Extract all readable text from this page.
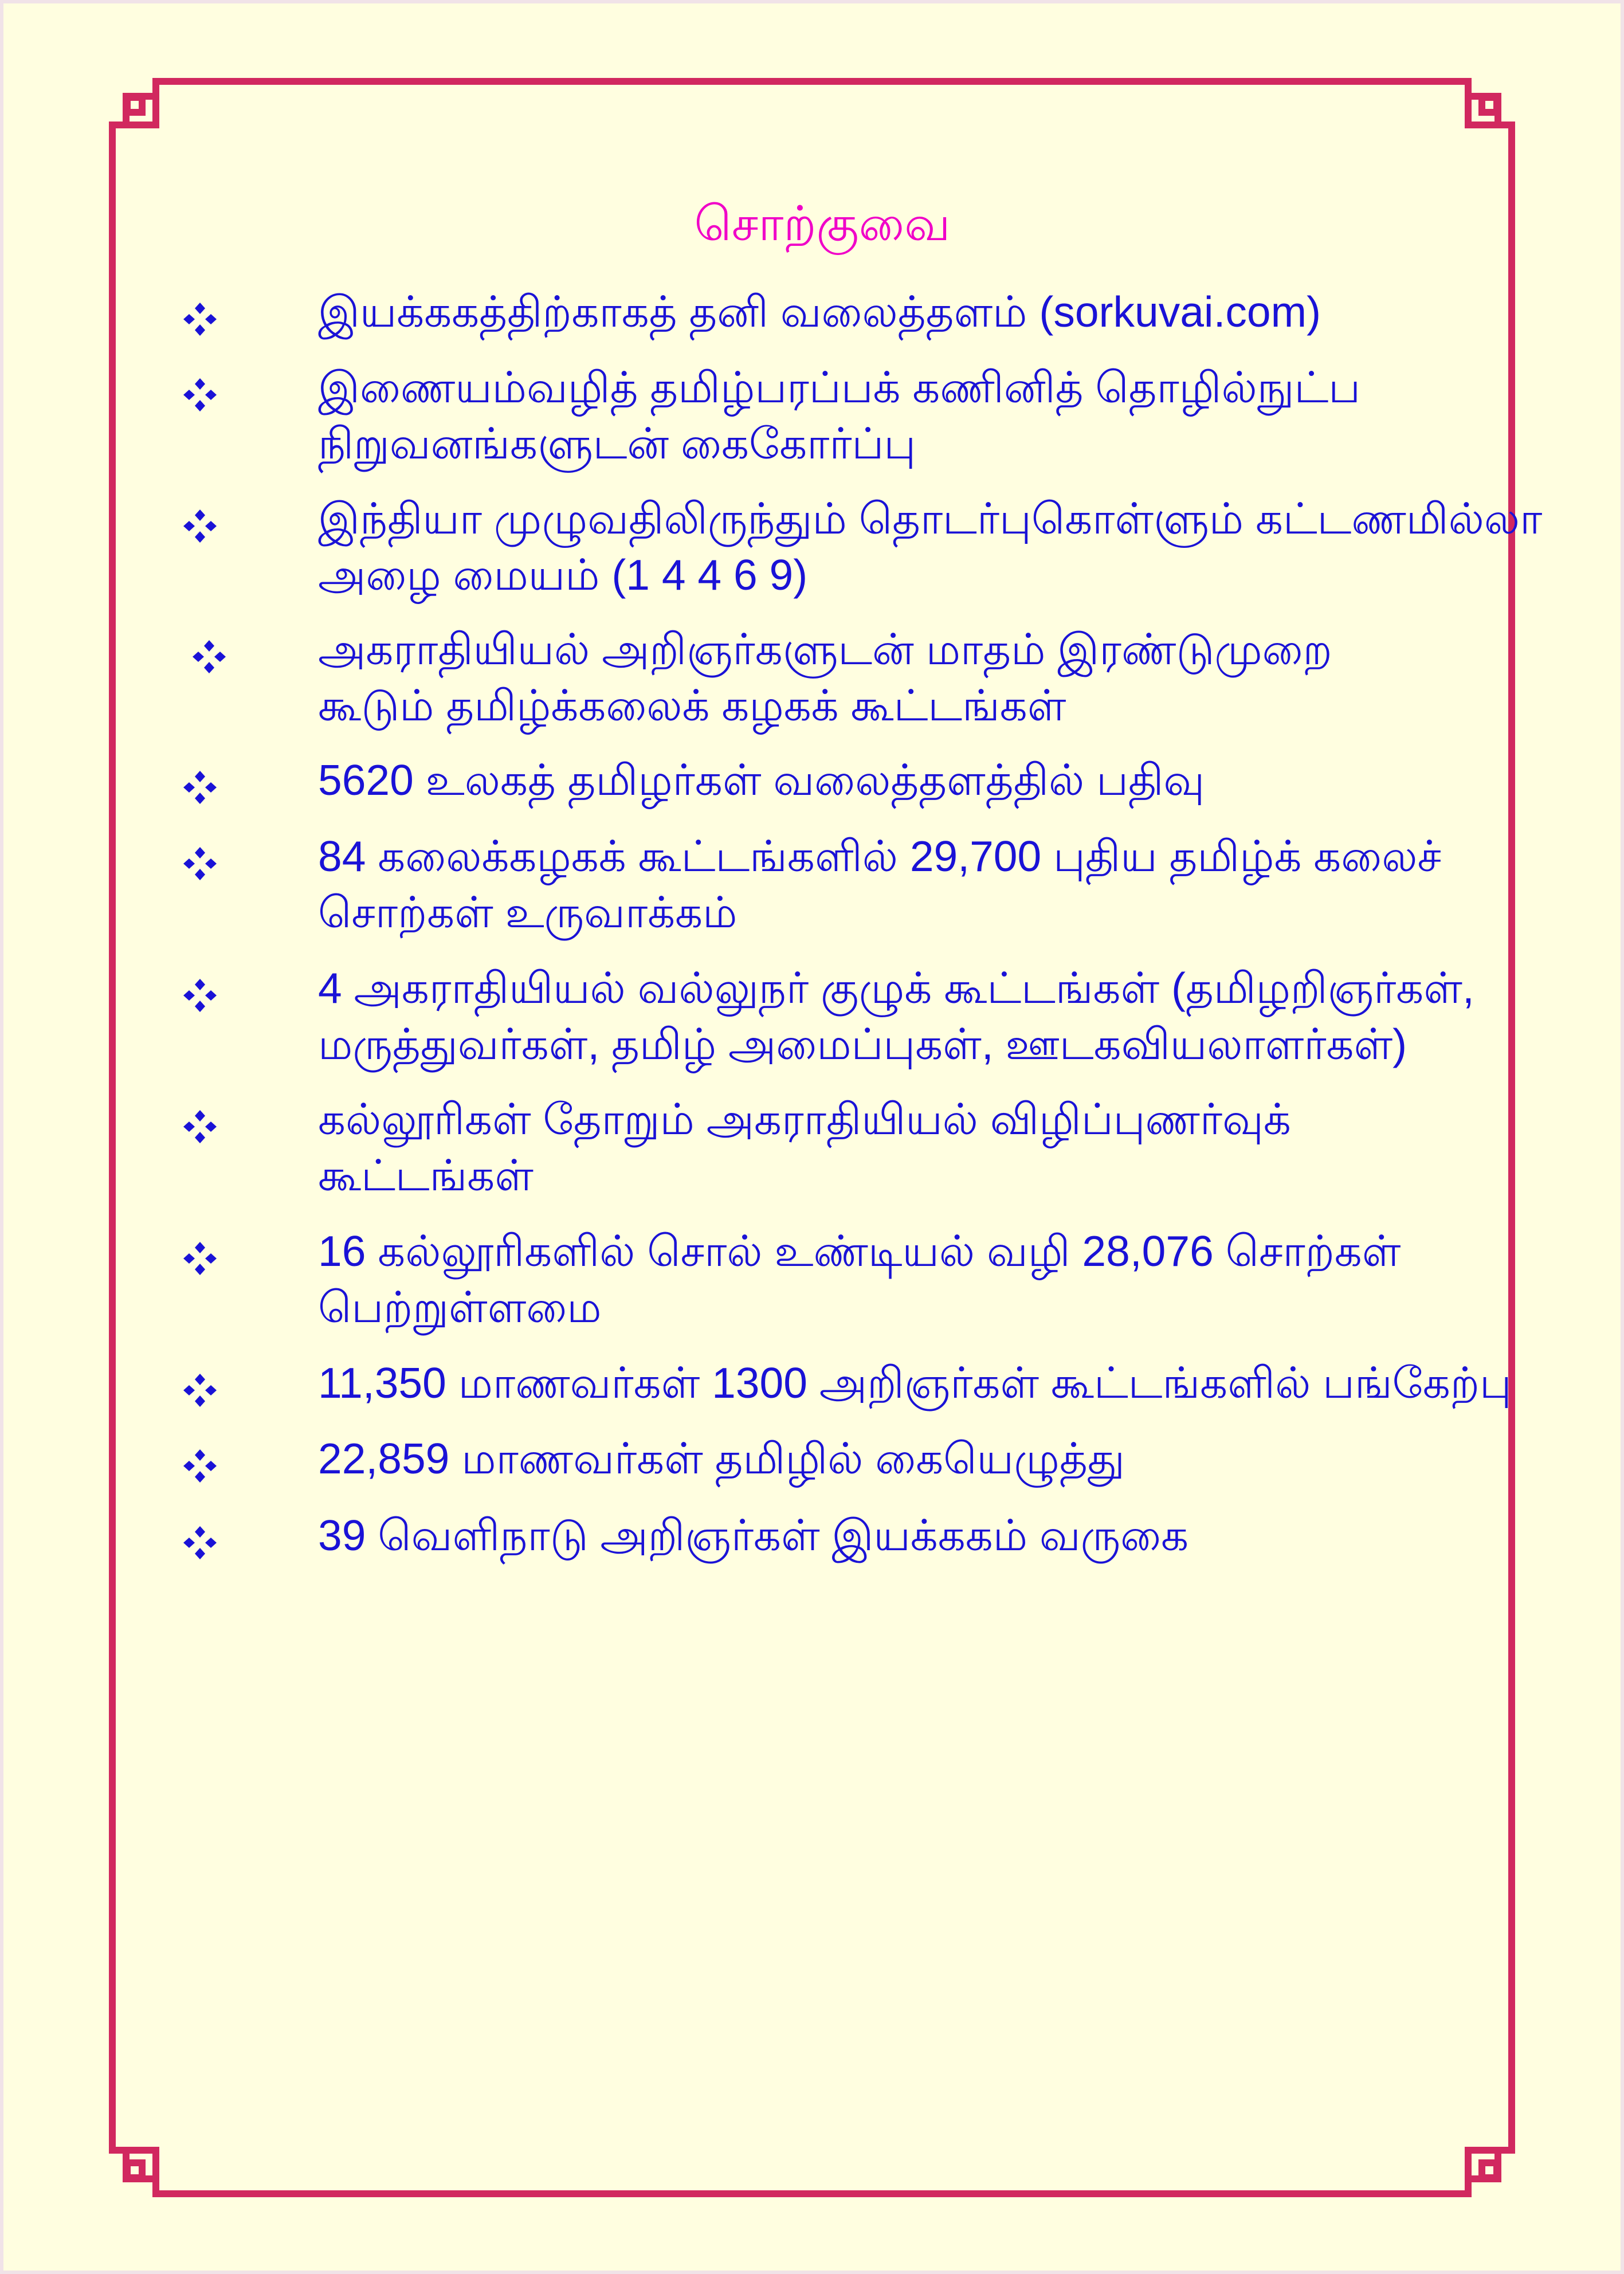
சொற்குவை
இயக்ககத்திற்காகத் தனி வலைத்தளம் (sorkuvai.com)
இணையம்வழித் தமிழ்பரப்பக் கணினித் தொழில்நுட்ப
நிறுவனங்களுடன் கைகோர்ப்பு
இந்தியா முழுவதிலிருந்தும் தொடர்புகொள்ளும் கட்டணமில்லா
அழை மையம் (1 4 4 6 9)
அகராதியியல் அறிஞர்களுடன் மாதம் இரண்டுமுறை
கூடும் தமிழ்க்கலைக் கழகக் கூட்டங்கள்
5620 உலகத் தமிழர்கள் வலைத்தளத்தில் பதிவு
84 கலைக்கழகக் கூட்டங்களில் 29,700 புதிய தமிழ்க் கலைச்
சொற்கள் உருவாக்கம்
4 அகராதியியல் வல்லுநர் குழுக் கூட்டங்கள் (தமிழறிஞர்கள்,
மருத்துவர்கள், தமிழ் அமைப்புகள், ஊடகவியலாளர்கள்)
கல்லூரிகள் தோறும் அகராதியியல் விழிப்புணர்வுக்
கூட்டங்கள்
16 கல்லூரிகளில் சொல் உண்டியல் வழி 28,076 சொற்கள்
பெற்றுள்ளமை
11,350 மாணவர்கள் 1300 அறிஞர்கள் கூட்டங்களில் பங்கேற்பு
22,859 மாணவர்கள் தமிழில் கையெழுத்து
39 வெளிநாடு அறிஞர்கள் இயக்ககம் வருகை
